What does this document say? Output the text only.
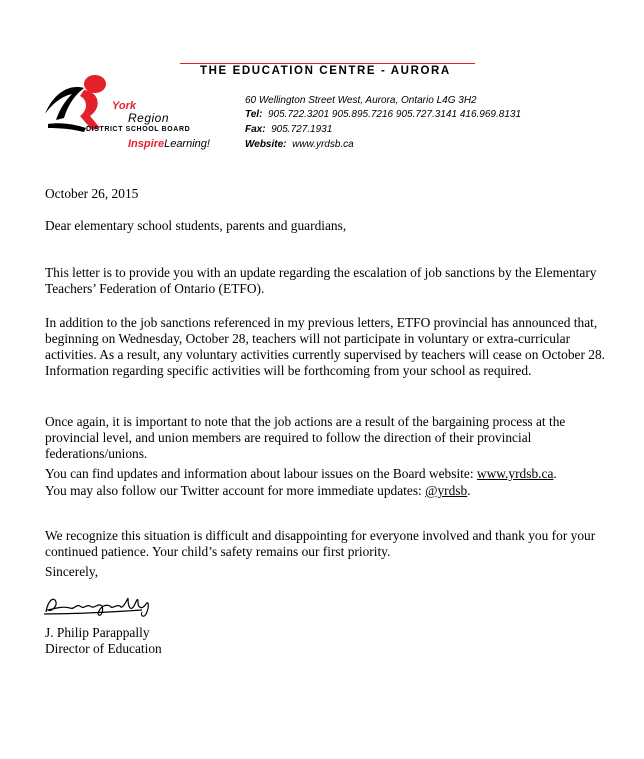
York
Region
DISTRICT SCHOOL BOARD
InspireLearning!
THE EDUCATION CENTRE - AURORA
60 Wellington Street West, Aurora, Ontario L4G 3H2
Tel: 905.722.3201 905.895.7216 905.727.3141 416.969.8131
Fax: 905.727.1931
Website: www.yrdsb.ca
October 26, 2015
Dear elementary school students, parents and guardians,

This letter is to provide you with an update regarding the escalation of job sanctions by the Elementary Teachers’ Federation of Ontario (ETFO).

In addition to the job sanctions referenced in my previous letters, ETFO provincial has announced that, beginning on Wednesday, October 28, teachers will not participate in voluntary or extra-curricular activities. As a result, any voluntary activities currently supervised by teachers will cease on October 28. Information regarding specific activities will be forthcoming from your school as required.

Once again, it is important to note that the job actions are a result of the bargaining process at the provincial level, and union members are required to follow the direction of their provincial federations/unions.

You can find updates and information about labour issues on the Board website: www.yrdsb.ca.
You may also follow our Twitter account for more immediate updates: @yrdsb.

We recognize this situation is difficult and disappointing for everyone involved and thank you for your continued patience. Your child’s safety remains our first priority.

Sincerely,
J. Philip Parappally
Director of Education
